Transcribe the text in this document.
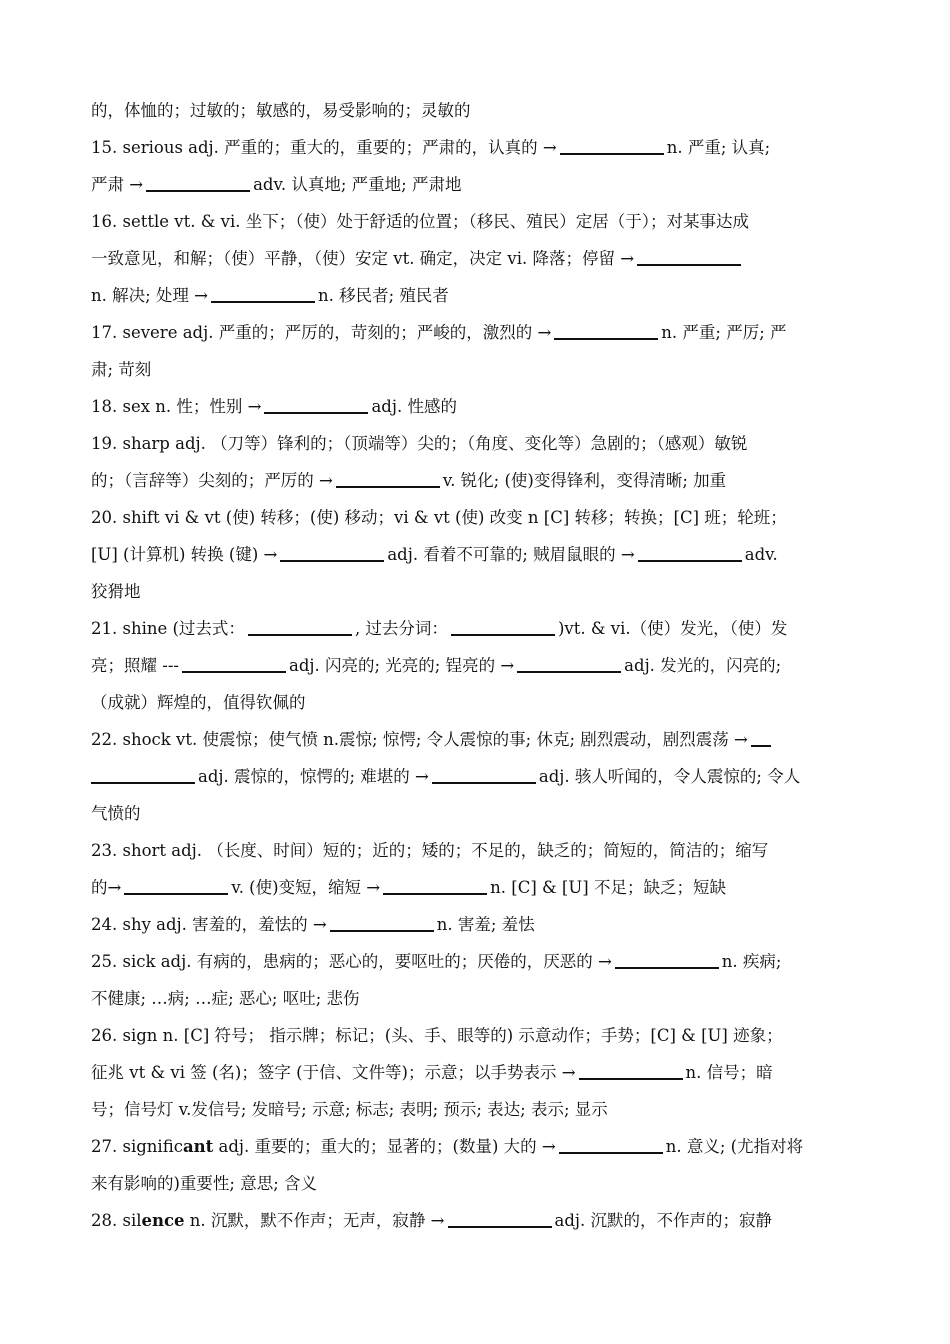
的，体恤的；过敏的；敏感的，易受影响的；灵敏的
15. serious adj. 严重的；重大的，重要的；严肃的，认真的 →	n. 严重; 认真;
严肃 →	adv. 认真地; 严重地; 严肃地
16. settle vt. & vi. 坐下；（使）处于舒适的位置；（移民、殖民）定居（于）；对某事达成
一致意见，和解；（使）平静，（使）安定 vt. 确定，决定 vi. 降落；停留 →
n. 解决; 处理 →	n. 移民者; 殖民者
17. severe adj. 严重的；严厉的，苛刻的；严峻的，激烈的 →	n. 严重; 严厉; 严
肃; 苛刻
18. sex n. 性；性别 →	adj. 性感的
19. sharp adj. （刀等）锋利的；（顶端等）尖的；（角度、变化等）急剧的；（感观）敏锐
的；（言辞等）尖刻的；严厉的 →	v. 锐化; (使)变得锋利，变得清晰; 加重
20. shift vi & vt (使) 转移；(使) 移动；vi & vt (使) 改变 n [C] 转移；转换；[C] 班；轮班；
[U] (计算机) 转换 (键) →	adj. 看着不可靠的; 贼眉鼠眼的 →	adv.
狡猾地
21. shine (过去式：	, 过去分词：	)vt. & vi.（使）发光，（使）发
亮；照耀 ---	adj. 闪亮的; 光亮的; 锃亮的 →	adj. 发光的，闪亮的;
（成就）辉煌的，值得钦佩的
22. shock vt. 使震惊；使气愤 n.震惊; 惊愕; 令人震惊的事; 休克; 剧烈震动，剧烈震荡 →
adj. 震惊的，惊愕的; 难堪的 →	adj. 骇人听闻的，令人震惊的; 令人
气愤的
23. short adj. （长度、时间）短的；近的；矮的；不足的，缺乏的；简短的，简洁的；缩写
的→	v. (使)变短，缩短 →	n. [C] & [U] 不足；缺乏；短缺
24. shy adj. 害羞的，羞怯的 →	n. 害羞; 羞怯
25. sick adj. 有病的，患病的；恶心的，要呕吐的；厌倦的，厌恶的 →	n. 疾病;
不健康; …病; …症; 恶心; 呕吐; 悲伤
26. sign n. [C] 符号； 指示牌；标记；(头、手、眼等的) 示意动作；手势；[C] & [U] 迹象；
征兆 vt & vi 签 (名)；签字 (于信、文件等)；示意；以手势表示 →	n. 信号；暗
号；信号灯 v.发信号; 发暗号; 示意; 标志; 表明; 预示; 表达; 表示; 显示
27. significant adj. 重要的；重大的；显著的；(数量) 大的 →	n. 意义; (尤指对将
来有影响的)重要性; 意思; 含义
28. silence n. 沉默，默不作声；无声，寂静 →	adj. 沉默的，不作声的；寂静
